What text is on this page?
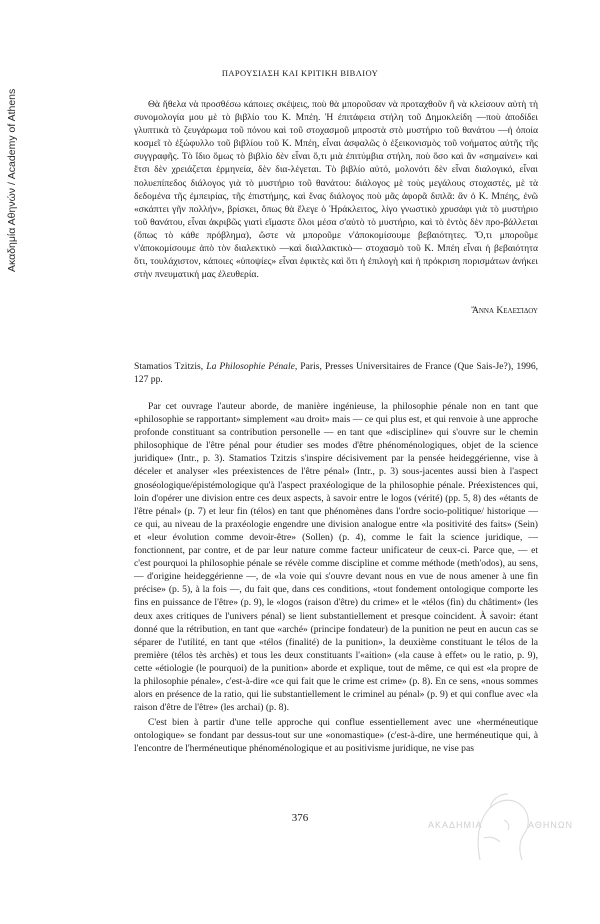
Ακαδημία Αθηνών / Academy of Athens
ΠΑΡΟΥΣΙΑΣΗ ΚΑΙ ΚΡΙΤΙΚΗ ΒΙΒΛΙΟΥ

Θὰ ἤθελα νὰ προσθέσω κάποιες σκέψεις, ποὺ θὰ μποροῦσαν νὰ προταχθοῦν ἢ νὰ κλείσουν αὐτὴ τὴ συνομολογία μου μὲ τὸ βιβλίο του Κ. Μπέη. Ἡ ἐπιτάφεια στήλη τοῦ Δημοκλείδη —ποὺ ἀποδίδει γλυπτικὰ τὸ ζευγάρωμα τοῦ πόνου καὶ τοῦ στοχασμοῦ μπροστὰ στὸ μυστήριο τοῦ θανάτου —ἡ ὁποία κοσμεῖ τὸ ἐξώφυλλο τοῦ βιβλίου τοῦ Κ. Μπέη, εἶναι ἀσφαλῶς ὁ ἐξεικονισμὸς τοῦ νοήματος αὐτῆς τῆς συγγραφῆς. Τὸ ἴδιο ὅμως τὸ βιβλίο δὲν εἶναι ὅ,τι μιὰ ἐπιτύμβια στήλη, ποὺ ὅσο καὶ ἂν «σημαίνει» καὶ ἔτσι δὲν χρειάζεται ἑρμηνεία, δὲν δια-λέγεται. Τὸ βιβλίο αὐτό, μολονότι δὲν εἶναι διαλογικό, εἶναι πολυεπίπεδος διάλογος γιὰ τὸ μυστήριο τοῦ θανάτου: διάλογος μὲ τοὺς μεγάλους στοχαστές, μὲ τὰ δεδομένα τῆς ἐμπειρίας, τῆς ἐπιστήμης, καὶ ἕνας διάλογος ποὺ μᾶς ἀφορᾶ διπλᾶ: ἂν ὁ Κ. Μπέης, ἐνῶ «σκάπτει γῆν πολλήν», βρίσκει, ὅπως θὰ ἔλεγε ὁ Ἡράκλειτος, λίγο γνωστικὸ χρυσάφι γιὰ τὸ μυστήριο τοῦ θανάτου, εἶναι ἀκριβῶς γιατὶ εἴμαστε ὅλοι μέσα σ'αὐτὸ τὸ μυστήριο, καὶ τὸ ἐντὸς δὲν προ-βάλλεται (ὅπως τὸ κάθε πρόβλημα), ὥστε νὰ μποροῦμε ν'ἀποκομίσουμε βεβαιότητες. Ὅ,τι μποροῦμε ν'ἀποκομίσουμε ἀπὸ τὸν διαλεκτικὸ —καὶ διαλλακτικὸ— στοχασμὸ τοῦ Κ. Μπέη εἶναι ἡ βεβαιότητα ὅτι, τουλάχιστον, κάποιες «ὑποψίες» εἶναι ἐφικτὲς καὶ ὅτι ἡ ἐπιλογὴ καὶ ἡ πρόκριση πορισμάτων ἀνήκει στὴν πνευματική μας ἐλευθερία.

Ἄννα Κελεσίδου
Stamatios Tzitzis, La Philosophie Pénale, Paris, Presses Universitaires de France (Que Sais-Je?), 1996, 127 pp.

Par cet ouvrage l'auteur aborde, de manière ingénieuse, la philosophie pénale non en tant que «philosophie se rapportant» simplement «au droit» mais — ce qui plus est, et qui renvoie à une approche profonde constituant sa contribution personelle — en tant que «discipline» qui s'ouvre sur le chemin philosophique de l'être pénal pour étudier ses modes d'être phénoménologiques, objet de la science juridique» (Intr., p. 3). Stamatios Tzitzis s'inspire décisivement par la pensée heideggérienne, vise à déceler et analyser «les préexistences de l'être pénal» (Intr., p. 3) sous-jacentes aussi bien à l'aspect gnoséologique/épistémologique qu'à l'aspect praxéologique de la philosophie pénale. Préexistences qui, loin d'opérer une division entre ces deux aspects, à savoir entre le logos (vérité) (pp. 5, 8) des «étants de l'être pénal» (p. 7) et leur fin (télos) en tant que phénomènes dans l'ordre socio-politique/ historique — ce qui, au niveau de la praxéologie engendre une division analogue entre «la positivité des faits» (Sein) et «leur évolution comme devoir-être» (Sollen) (p. 4), comme le fait la science juridique, — fonctionnent, par contre, et de par leur nature comme facteur unificateur de ceux-ci. Parce que, — et c'est pourquoi la philosophie pénale se révèle comme discipline et comme méthode (meth'odos), au sens, — d'origine heideggérienne —, de «la voie qui s'ouvre devant nous en vue de nous amener à une fin précise» (p. 5), à la fois —, du fait que, dans ces conditions, «tout fondement ontologique comporte les fins en puissance de l'être» (p. 9), le «logos (raison d'être) du crime» et le «télos (fin) du châtiment» (les deux axes critiques de l'univers pénal) se lient substantiellement et presque coincident. À savoir: étant donné que la rétribution, en tant que «arché» (principe fondateur) de la punition ne peut en aucun cas se séparer de l'utilité, en tant que «télos (finalité) de la punition», la deuxième constituant le télos de la première (télos tès archès) et tous les deux constituants l'«aition» («la cause à effet» ou le ratio, p. 9), cette «étiologie (le pourquoi) de la punition» aborde et explique, tout de même, ce qui est «la propre de la philosophie pénale», c'est-à-dire «ce qui fait que le crime est crime» (p. 8). En ce sens, «nous sommes alors en présence de la ratio, qui lie substantiellement le criminel au pénal» (p. 9) et qui conflue avec «la raison d'être de l'être» (les archai) (p. 8).

C'est bien à partir d'une telle approche qui conflue essentiellement avec une «herméneutique ontologique» se fondant par dessus-tout sur une «onomastique» (c'est-à-dire, une herméneutique qui, à l'encontre de l'herméneutique phénoménologique et au positivisme juridique, ne vise pas

376
ΑΚΑΔΗΜΙΑ	ΑΘΗΝΩΝ
